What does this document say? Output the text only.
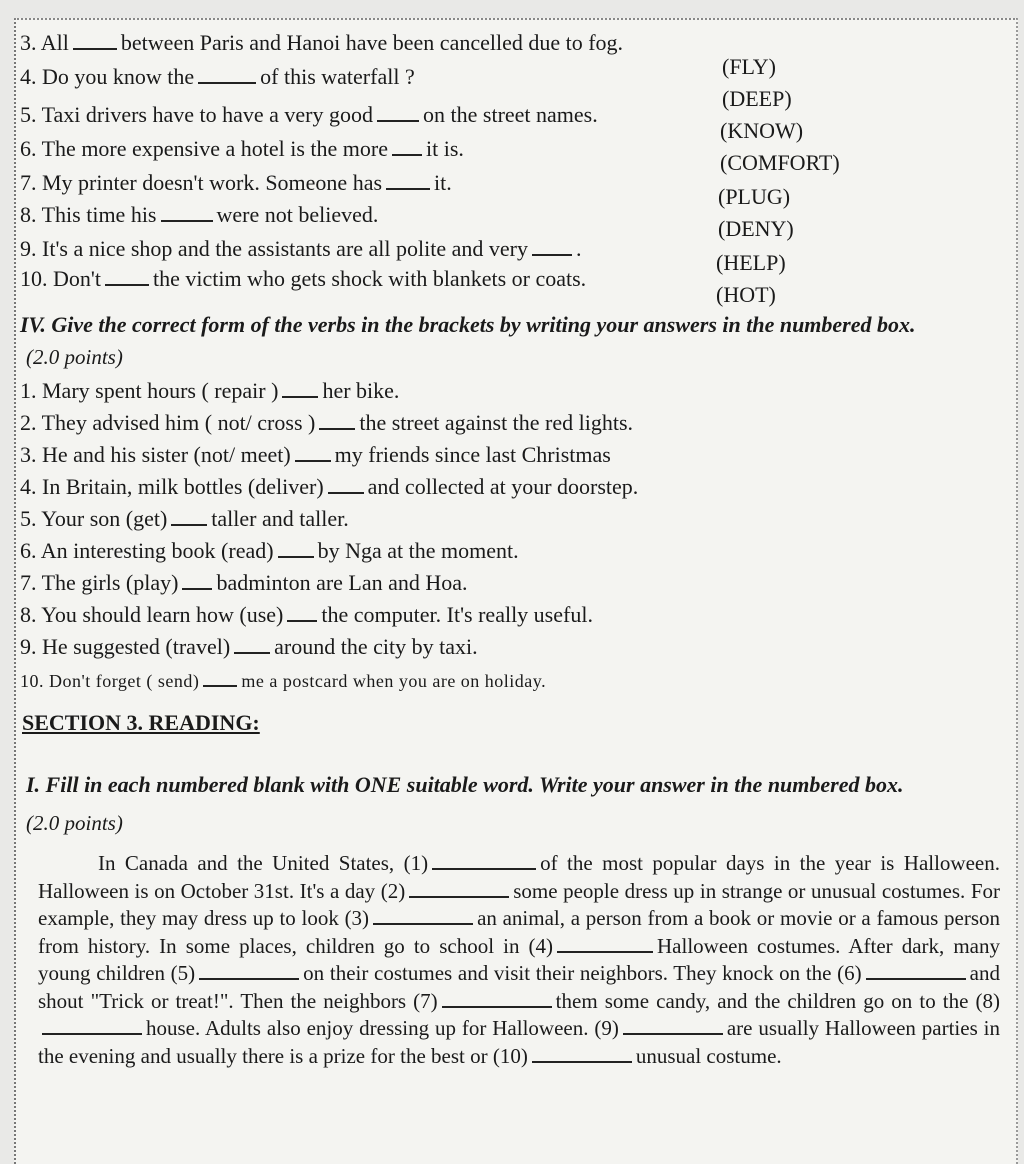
3. All between Paris and Hanoi have been cancelled due to fog.
(FLY)
4. Do you know the	of this waterfall ?
(DEEP)
5. Taxi drivers have to have a very good on the street names.
(KNOW)
6. The more expensive a hotel is the more it is.
(COMFORT)
7. My printer doesn't work. Someone has it.
(PLUG)
8. This time his	were not believed.
(DENY)
9. It's a nice shop and the assistants are all polite and very .
(HELP)
10. Don't the victim who gets shock with blankets or coats.
(HOT)
IV. Give the correct form of the verbs in the brackets by writing your answers in the numbered box.
(2.0 points)
1. Mary spent hours ( repair ) her bike.
2. They advised him ( not/ cross ) the street against the red lights.
3. He and his sister (not/ meet) my friends since last Christmas
4. In Britain, milk bottles (deliver) and collected at your doorstep.
5. Your son (get) taller and taller.
6. An interesting book (read) by Nga at the moment.
7. The girls (play) badminton are Lan and Hoa.
8. You should learn how (use) the computer. It's really useful.
9. He suggested (travel) around the city by taxi.
10. Don't forget ( send) me a postcard when you are on holiday.
SECTION 3. READING:
I. Fill in each numbered blank with ONE suitable word. Write your answer in the numbered box.
(2.0 points)
In Canada and the United States, (1)	of the most popular days in the year is Halloween. Halloween is on October 31st. It's a day (2)	some people dress up in strange or unusual costumes. For example, they may dress up to look (3)	an animal, a person from a book or movie or a famous person from history. In some places, children go to school in (4)	Halloween costumes. After dark, many young children (5)	on their costumes and visit their neighbors. They knock on the (6)	and shout "Trick or treat!". Then the neighbors (7)	them some candy, and the children go on to the (8)house. Adults also enjoy dressing up for Halloween. (9)	are usually Halloween parties in the evening and usually there is a prize for the best or (10)	unusual costume.
